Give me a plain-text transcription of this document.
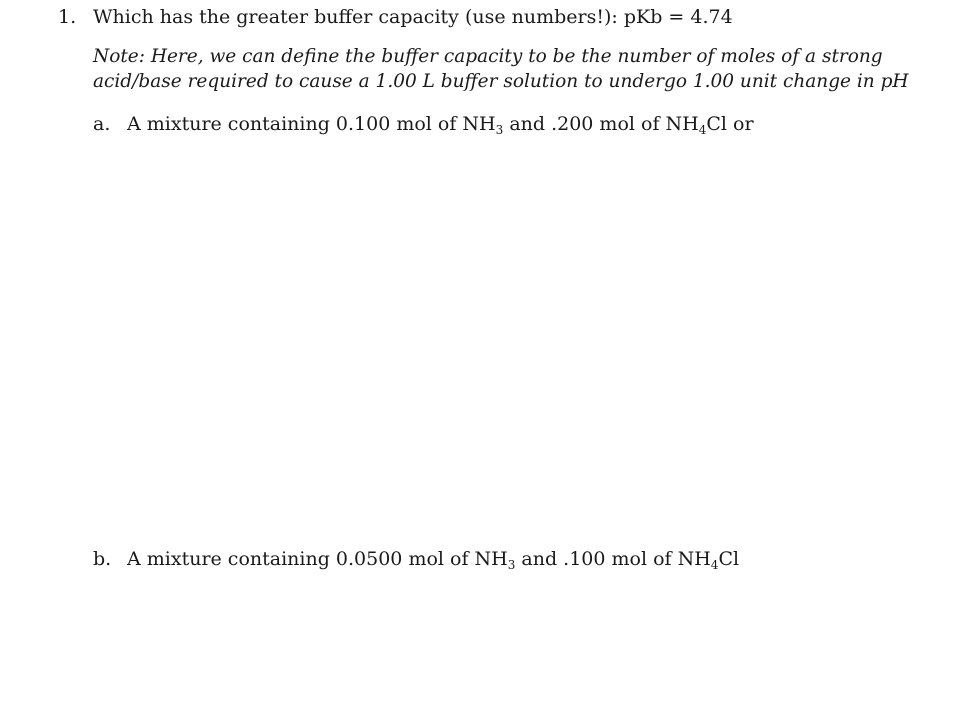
1. Which has the greater buffer capacity (use numbers!): pKb = 4.74
Note: Here, we can define the buffer capacity to be the number of moles of a strong
acid/base required to cause a 1.00 L buffer solution to undergo 1.00 unit change in pH
a. A mixture containing 0.100 mol of $NH_3$ and .200 mol of $NH_4Cl$ or
b. A mixture containing 0.0500 mol of $NH_3$ and .100 mol of $NH_4Cl$
